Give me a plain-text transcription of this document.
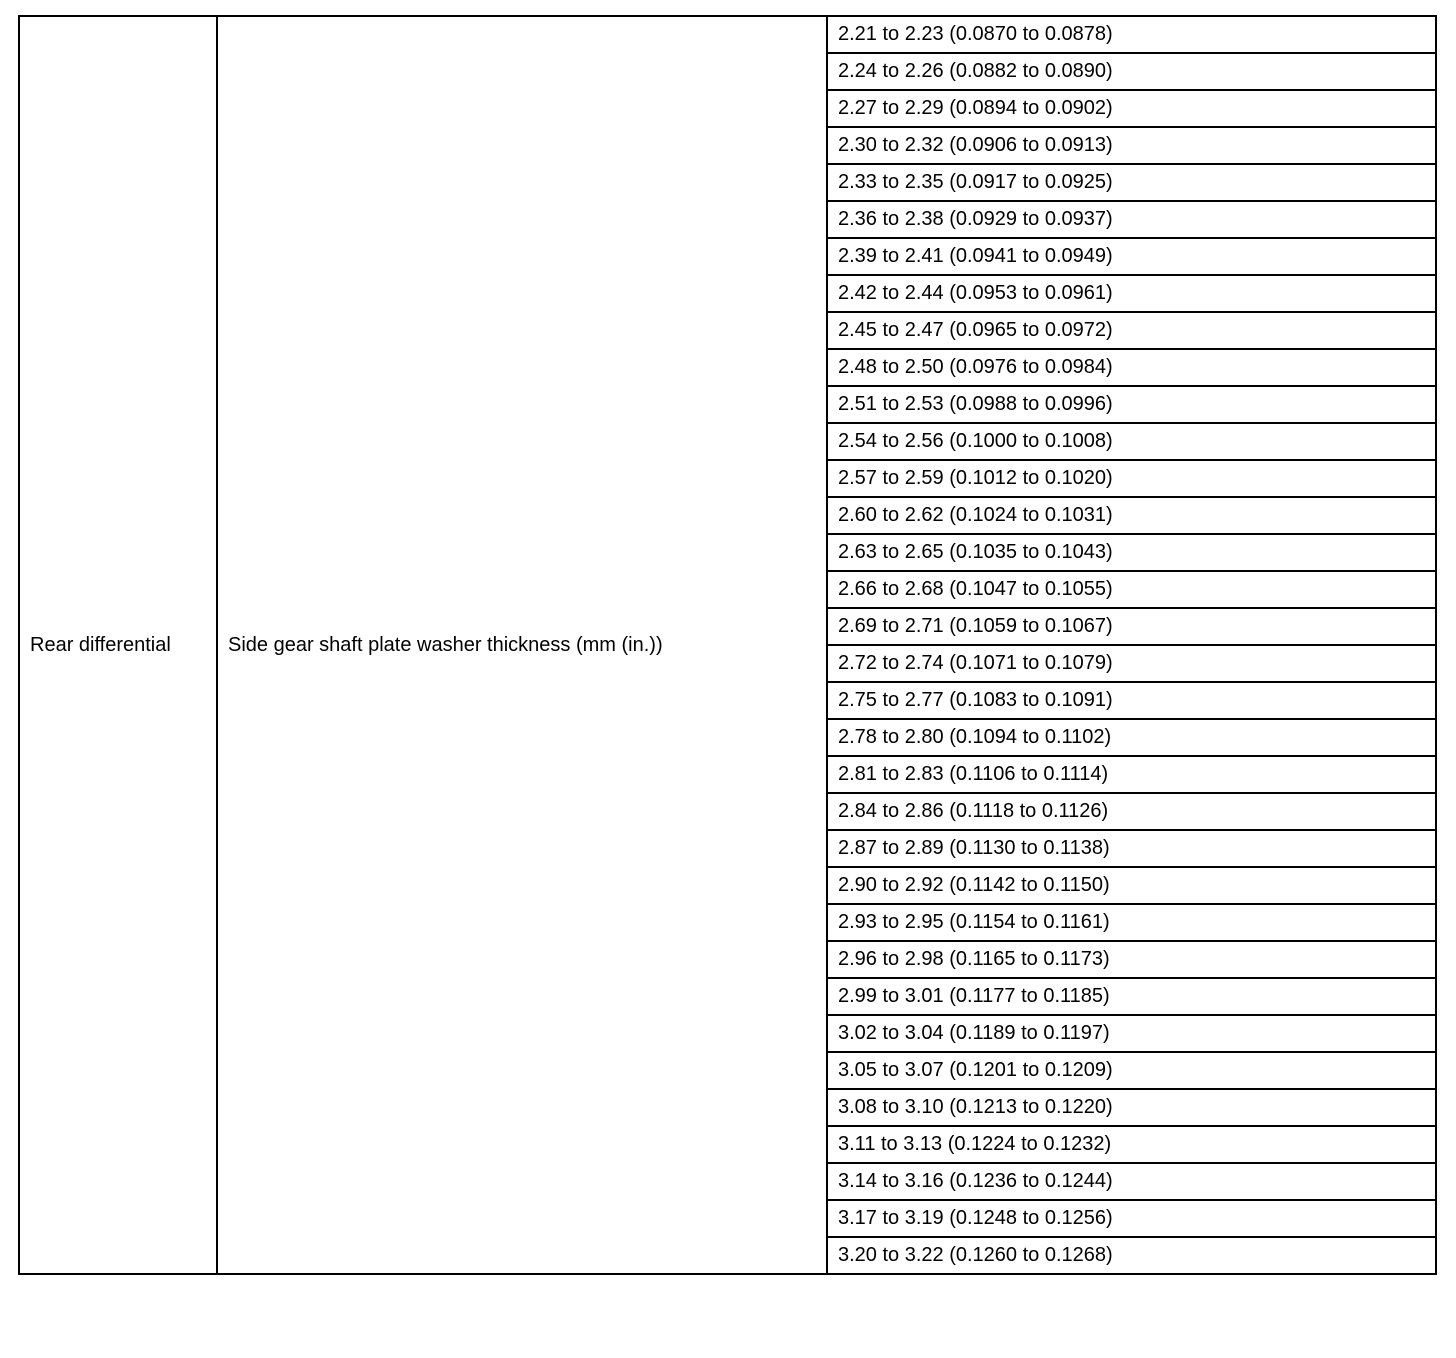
Rear differential	Side gear shaft plate washer thickness (mm (in.))	2.21 to 2.23 (0.0870 to 0.0878)
2.24 to 2.26 (0.0882 to 0.0890)
2.27 to 2.29 (0.0894 to 0.0902)
2.30 to 2.32 (0.0906 to 0.0913)
2.33 to 2.35 (0.0917 to 0.0925)
2.36 to 2.38 (0.0929 to 0.0937)
2.39 to 2.41 (0.0941 to 0.0949)
2.42 to 2.44 (0.0953 to 0.0961)
2.45 to 2.47 (0.0965 to 0.0972)
2.48 to 2.50 (0.0976 to 0.0984)
2.51 to 2.53 (0.0988 to 0.0996)
2.54 to 2.56 (0.1000 to 0.1008)
2.57 to 2.59 (0.1012 to 0.1020)
2.60 to 2.62 (0.1024 to 0.1031)
2.63 to 2.65 (0.1035 to 0.1043)
2.66 to 2.68 (0.1047 to 0.1055)
2.69 to 2.71 (0.1059 to 0.1067)
2.72 to 2.74 (0.1071 to 0.1079)
2.75 to 2.77 (0.1083 to 0.1091)
2.78 to 2.80 (0.1094 to 0.1102)
2.81 to 2.83 (0.1106 to 0.1114)
2.84 to 2.86 (0.1118 to 0.1126)
2.87 to 2.89 (0.1130 to 0.1138)
2.90 to 2.92 (0.1142 to 0.1150)
2.93 to 2.95 (0.1154 to 0.1161)
2.96 to 2.98 (0.1165 to 0.1173)
2.99 to 3.01 (0.1177 to 0.1185)
3.02 to 3.04 (0.1189 to 0.1197)
3.05 to 3.07 (0.1201 to 0.1209)
3.08 to 3.10 (0.1213 to 0.1220)
3.11 to 3.13 (0.1224 to 0.1232)
3.14 to 3.16 (0.1236 to 0.1244)
3.17 to 3.19 (0.1248 to 0.1256)
3.20 to 3.22 (0.1260 to 0.1268)
